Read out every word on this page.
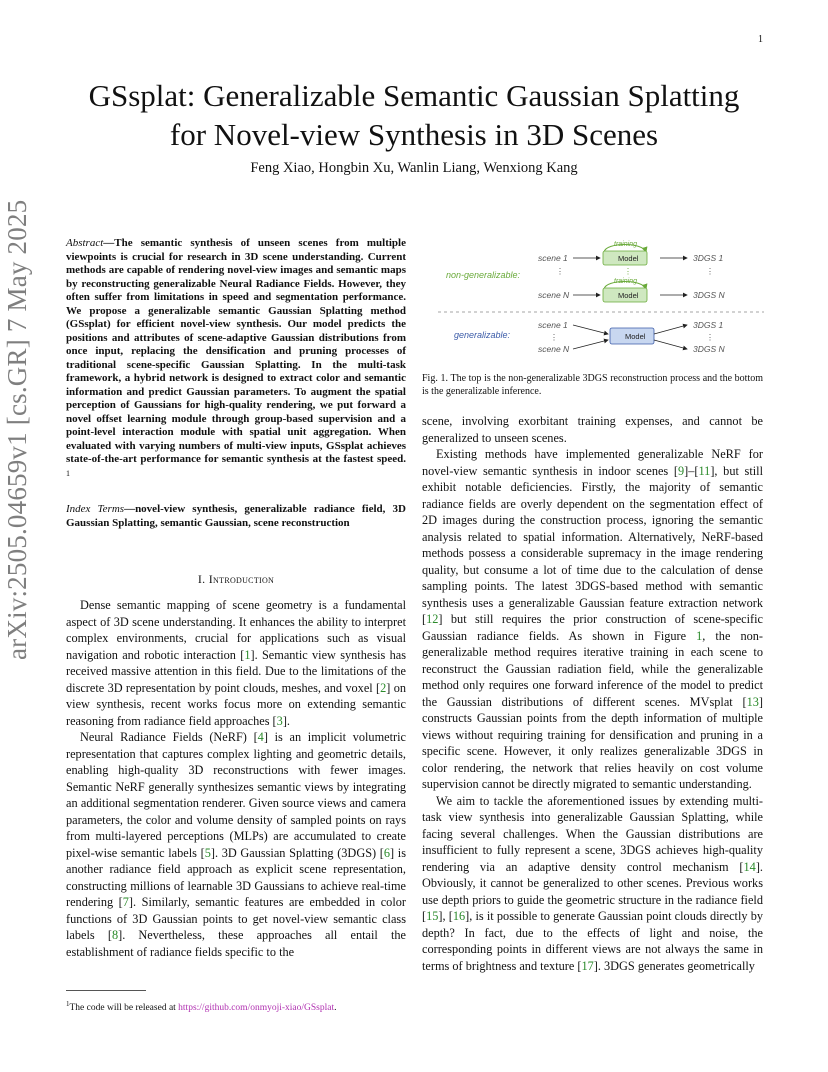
1
arXiv:2505.04659v1 [cs.GR] 7 May 2025
GSsplat: Generalizable Semantic Gaussian Splatting
for Novel-view Synthesis in 3D Scenes
Feng Xiao, Hongbin Xu, Wanlin Liang, Wenxiong Kang
Abstract—The semantic synthesis of unseen scenes from multiple viewpoints is crucial for research in 3D scene understanding. Current methods are capable of rendering novel-view images and semantic maps by reconstructing generalizable Neural Radiance Fields. However, they often suffer from limitations in speed and segmentation performance. We propose a generalizable semantic Gaussian Splatting method (GSsplat) for efficient novel-view synthesis. Our model predicts the positions and attributes of scene-adaptive Gaussian distributions from once input, replacing the densification and pruning processes of traditional scene-specific Gaussian Splatting. In the multi-task framework, a hybrid network is designed to extract color and semantic information and predict Gaussian parameters. To augment the spatial perception of Gaussians for high-quality rendering, we put forward a novel offset learning module through group-based supervision and a point-level interaction module with spatial unit aggregation. When evaluated with varying numbers of multi-view inputs, GSsplat achieves state-of-the-art performance for semantic synthesis at the fastest speed. $^1$
Index Terms—novel-view synthesis, generalizable radiance field, 3D Gaussian Splatting, semantic Gaussian, scene reconstruction
I. Introduction

Dense semantic mapping of scene geometry is a fundamental aspect of 3D scene understanding. It enhances the ability to interpret complex environments, crucial for applications such as visual navigation and robotic interaction [1]. Semantic view synthesis has received massive attention in this field. Due to the limitations of the discrete 3D representation by point clouds, meshes, and voxel [2] on view synthesis, recent works focus more on extending semantic reasoning from radiance field approaches [3].

Neural Radiance Fields (NeRF) [4] is an implicit volumetric representation that captures complex lighting and geometric details, enabling high-quality 3D reconstructions with fewer images. Semantic NeRF generally synthesizes semantic views by integrating an additional segmentation renderer. Given source views and camera parameters, the color and volume density of sampled points on rays from multi-layered perceptions (MLPs) are accumulated to create pixel-wise semantic labels [5]. 3D Gaussian Splatting (3DGS) [6] is another radiance field approach as explicit scene representation, constructing millions of learnable 3D Gaussians to achieve real-time rendering [7]. Similarly, semantic features are embedded in color functions of 3D Gaussian points to get novel-view semantic class labels [8]. Nevertheless, these approaches all entail the establishment of radiance fields specific to the

$^1$The code will be released at https://github.com/onmyoji-xiao/GSsplat.
scene 1
training
Model	3DGS 1
⋮	⋮	⋮
non-generalizable:
scene N
training
Model	3DGS N
generalizable:
scene 1
⋮
scene N
Model
3DGS 1
⋮
3DGS N
Fig. 1. The top is the non-generalizable 3DGS reconstruction process and the bottom is the generalizable inference.

scene, involving exorbitant training expenses, and cannot be generalized to unseen scenes.

Existing methods have implemented generalizable NeRF for novel-view semantic synthesis in indoor scenes [9]–[11], but still exhibit notable deficiencies. Firstly, the majority of semantic radiance fields are overly dependent on the segmentation effect of 2D images during the construction process, ignoring the semantic analysis related to spatial information. Alternatively, NeRF-based methods possess a considerable supremacy in the image rendering quality, but consume a lot of time due to the calculation of dense sampling points. The latest 3DGS-based method with semantic synthesis uses a generalizable Gaussian feature extraction network [12] but still requires the prior construction of scene-specific Gaussian radiance fields. As shown in Figure 1, the non-generalizable method requires iterative training in each scene to reconstruct the Gaussian radiation field, while the generalizable method only requires one forward inference of the model to predict the Gaussian distributions of different scenes. MVsplat [13] constructs Gaussian points from the depth information of multiple views without requiring training for densification and pruning in a specific scene. However, it only realizes generalizable 3DGS in color rendering, the network that relies heavily on cost volume supervision cannot be directly migrated to semantic understanding.

We aim to tackle the aforementioned issues by extending multi-task view synthesis into generalizable Gaussian Splatting, while facing several challenges. When the Gaussian distributions are insufficient to fully represent a scene, 3DGS achieves high-quality rendering via an adaptive density control mechanism [14]. Obviously, it cannot be generalized to other scenes. Previous works use depth priors to guide the geometric structure in the radiance field [15], [16], is it possible to generate Gaussian point clouds directly by depth? In fact, due to the effects of light and noise, the corresponding points in different views are not always the same in terms of brightness and texture [17]. 3DGS generates geometrically
